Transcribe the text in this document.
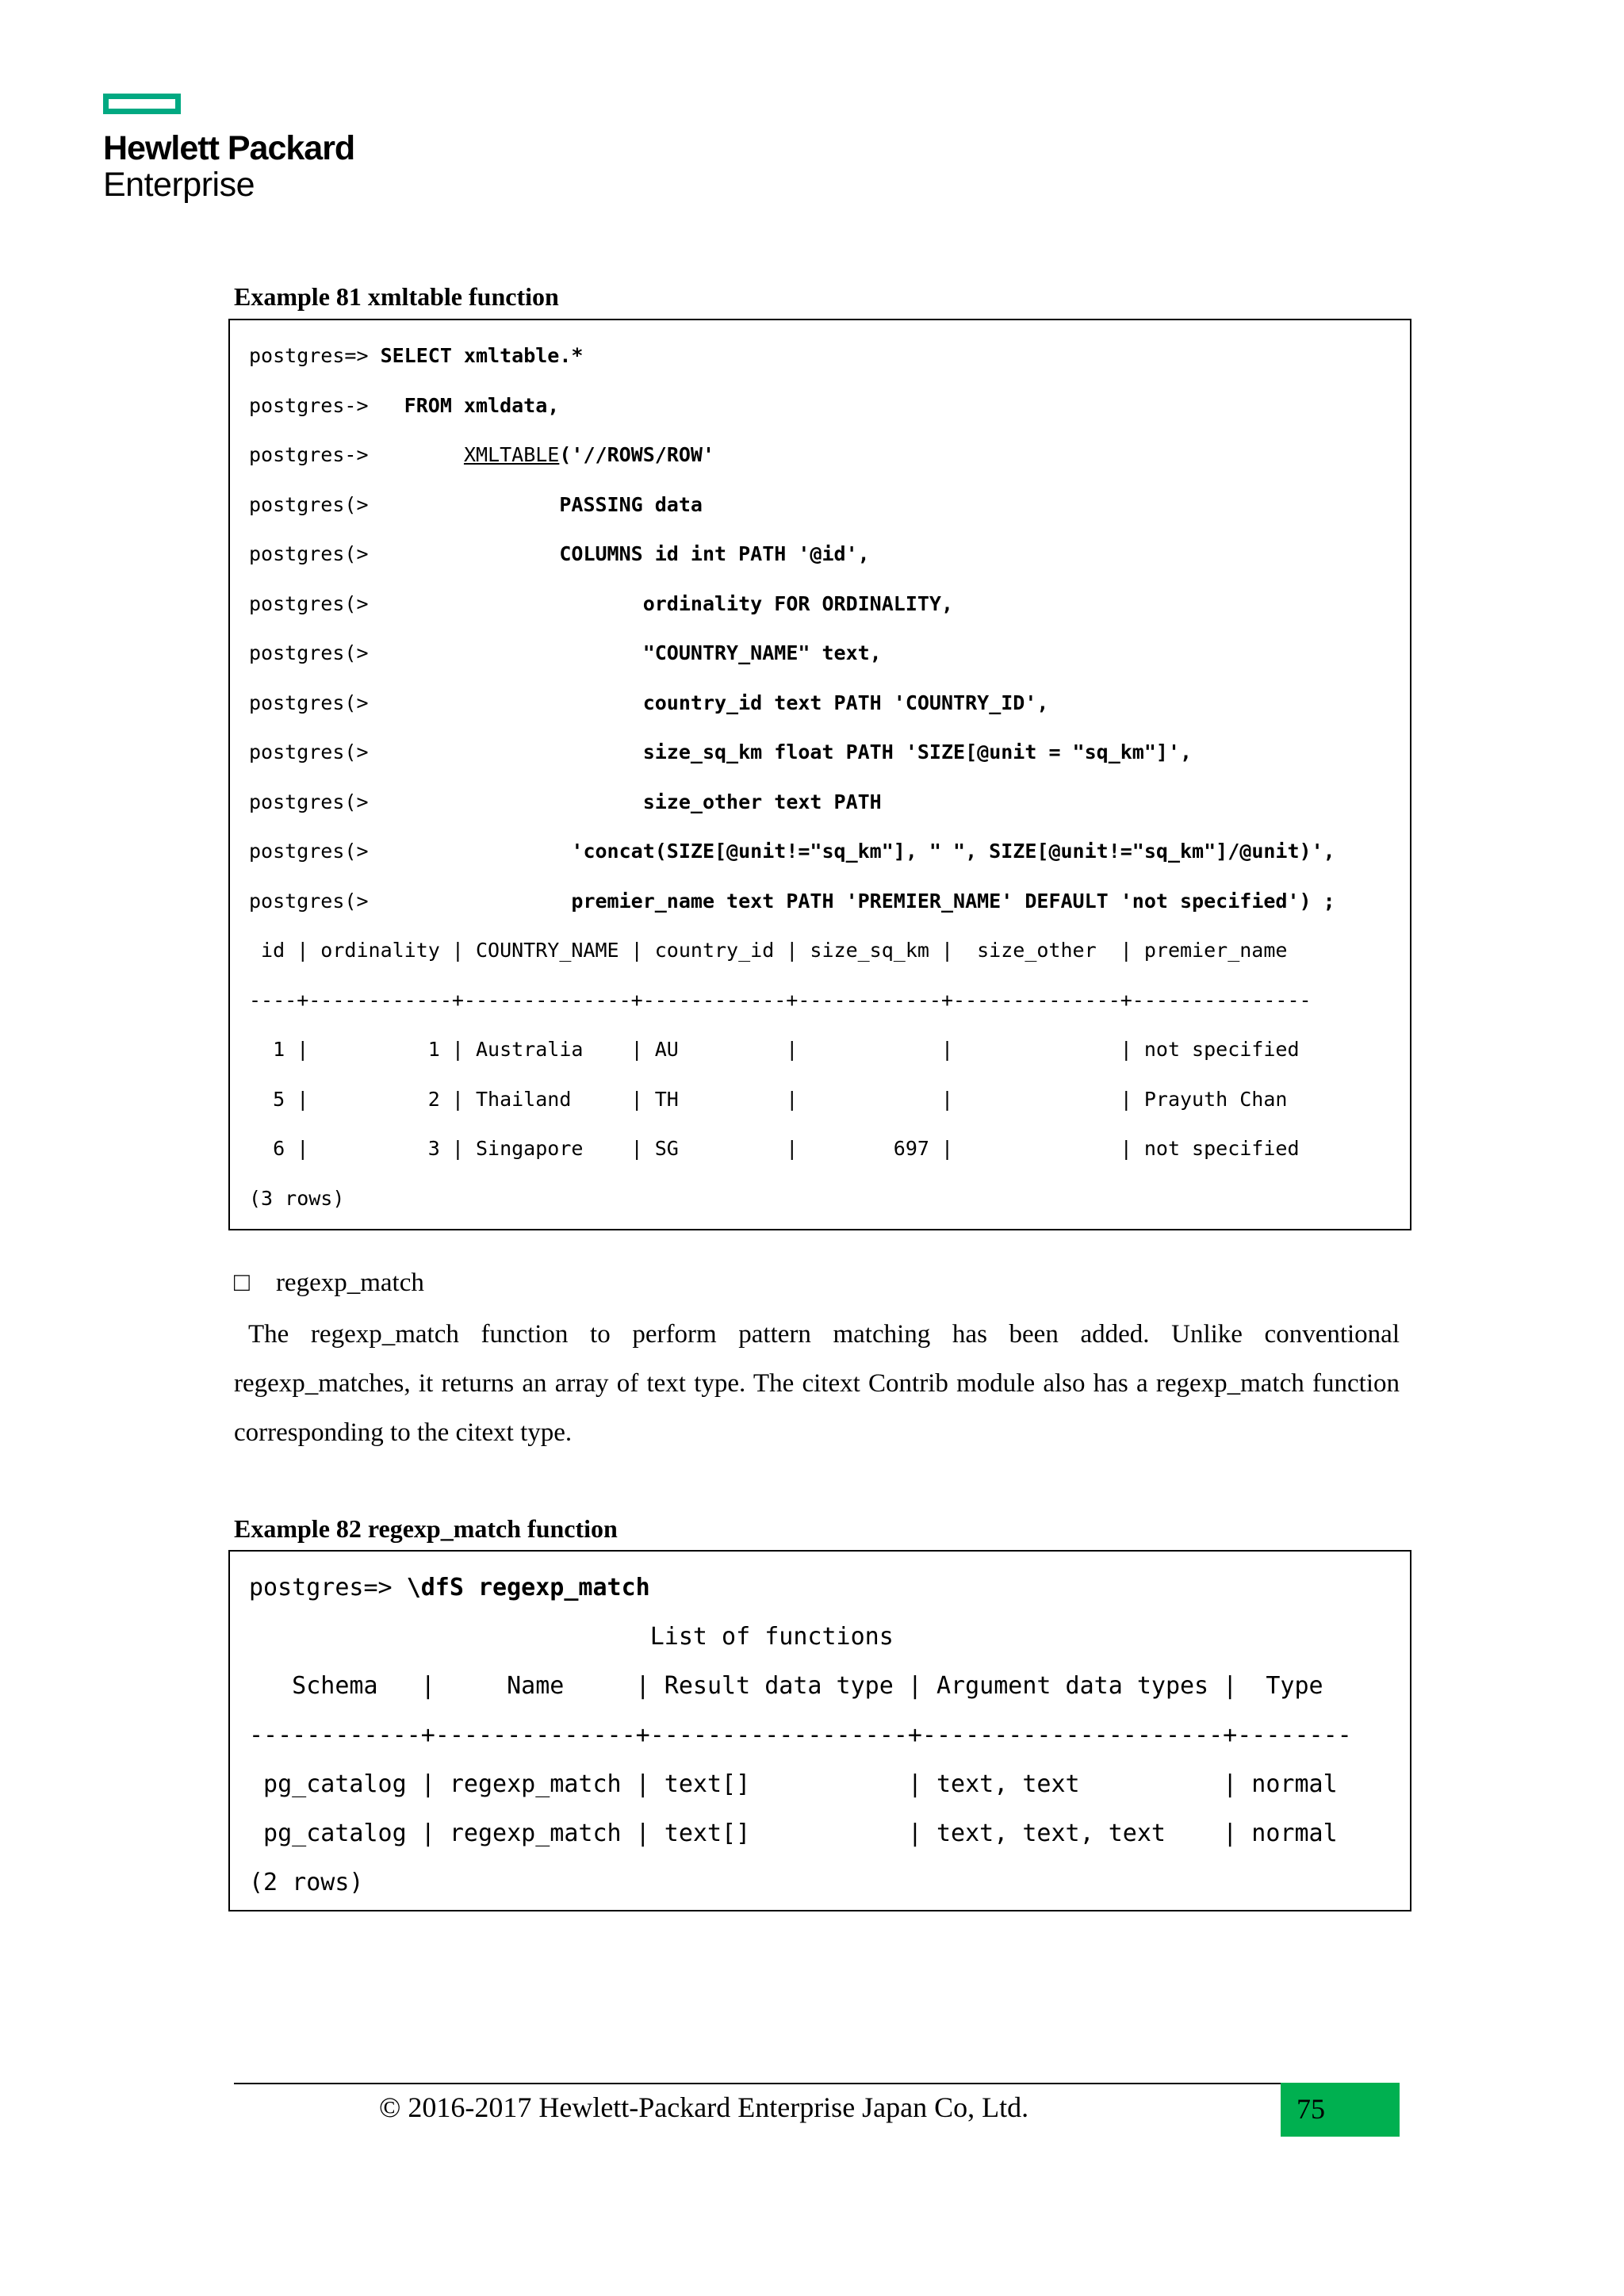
Hewlett Packard
Enterprise
Example 81 xmltable function
postgres=> SELECT xmltable.*
postgres->   FROM xmldata,
postgres->        XMLTABLE('//ROWS/ROW'
postgres(>                PASSING data
postgres(>                COLUMNS id int PATH '@id',
postgres(>                       ordinality FOR ORDINALITY,
postgres(>                       "COUNTRY_NAME" text,
postgres(>                       country_id text PATH 'COUNTRY_ID',
postgres(>                       size_sq_km float PATH 'SIZE[@unit = "sq_km"]',
postgres(>                       size_other text PATH
postgres(>                 'concat(SIZE[@unit!="sq_km"], " ", SIZE[@unit!="sq_km"]/@unit)',
postgres(>                 premier_name text PATH 'PREMIER_NAME' DEFAULT 'not specified') ;
id | ordinality | COUNTRY_NAME | country_id | size_sq_km |  size_other  | premier_name
----+------------+--------------+------------+------------+--------------+---------------
1 |          1 | Australia    | AU         |            |              | not specified
5 |          2 | Thailand     | TH         |            |              | Prayuth Chan
6 |          3 | Singapore    | SG         |        697 |              | not specified
(3 rows)
□ regexp_match
The regexp_match function to perform pattern matching has been added. Unlike conventional regexp_matches, it returns an array of text type. The citext Contrib module also has a regexp_match function corresponding to the citext type.
Example 82 regexp_match function
postgres=> \dfS regexp_match
List of functions
Schema   |     Name     | Result data type | Argument data types |  Type
------------+--------------+------------------+---------------------+--------
pg_catalog | regexp_match | text[]           | text, text          | normal
pg_catalog | regexp_match | text[]           | text, text, text    | normal
(2 rows)
© 2016-2017 Hewlett-Packard Enterprise Japan Co, Ltd.	75
